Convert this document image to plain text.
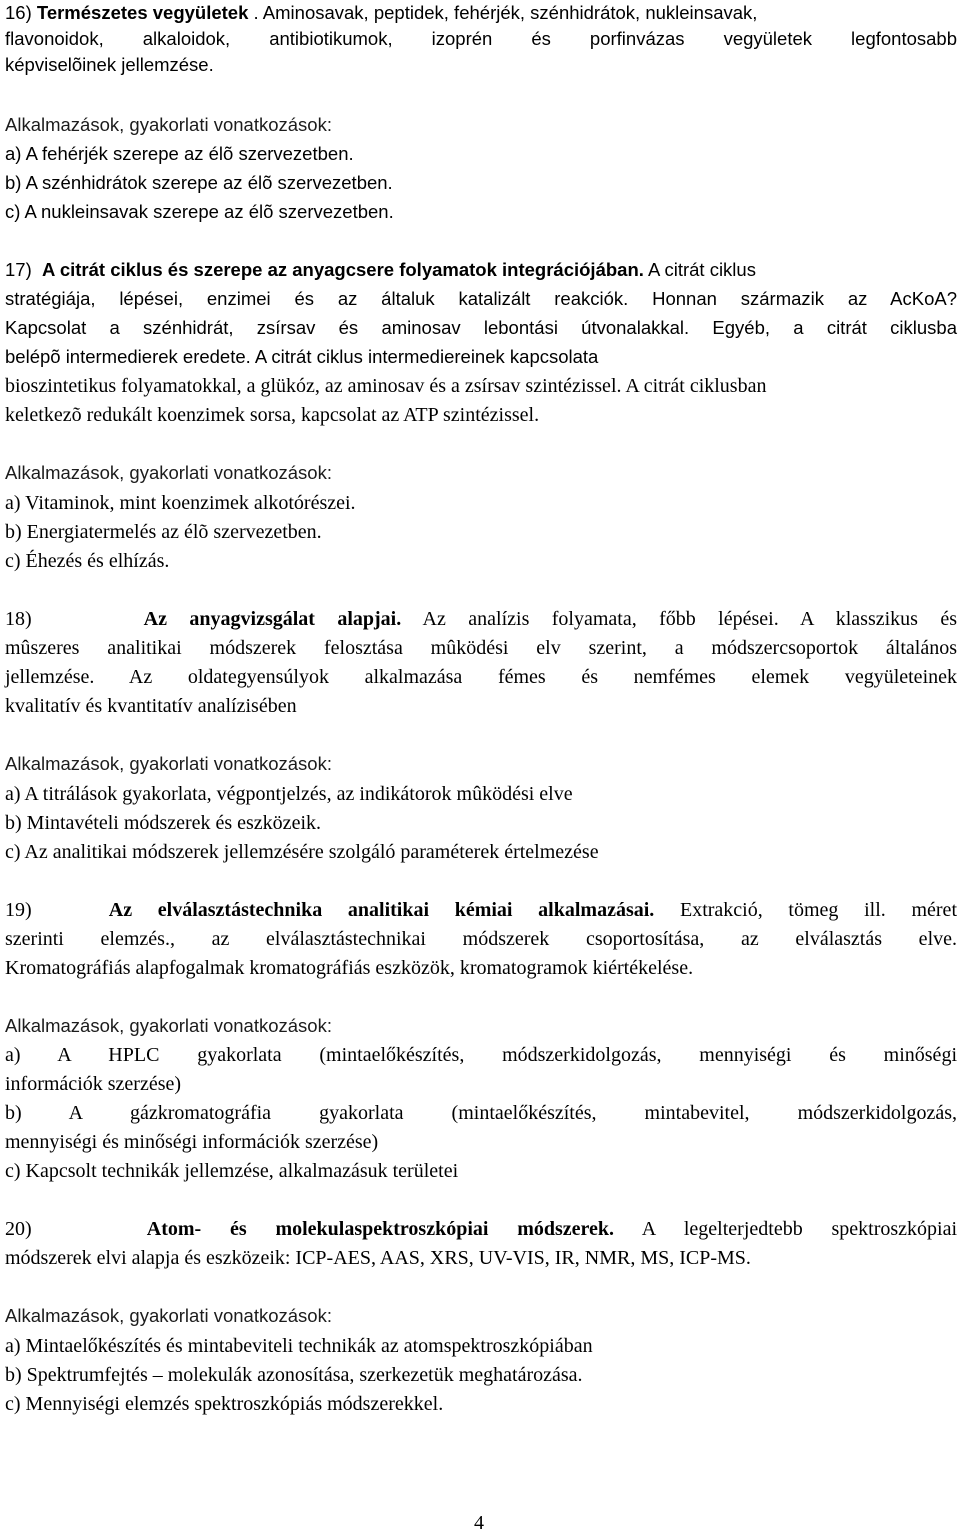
16) Természetes vegyületek . Aminosavak, peptidek, fehérjék, szénhidrátok, nukleinsavak,
flavonoidok, alkaloidok, antibiotikumok, izoprén és porfinvázas vegyületek legfontosabb
képviselõinek jellemzése.
Alkalmazások, gyakorlati vonatkozások:
a) A fehérjék szerepe az élõ szervezetben.
b) A szénhidrátok szerepe az élõ szervezetben.
c) A nukleinsavak szerepe az élõ szervezetben.
17) A citrát ciklus és szerepe az anyagcsere folyamatok integrációjában. A citrát ciklus
stratégiája, lépései, enzimei és az általuk katalizált reakciók. Honnan származik az AcKoA?
Kapcsolat a szénhidrát, zsírsav és aminosav lebontási útvonalakkal. Egyéb, a citrát ciklusba
belépõ intermedierek eredete. A citrát ciklus intermediereinek kapcsolata
bioszintetikus folyamatokkal, a glükóz, az aminosav és a zsírsav szintézissel. A citrát ciklusban
keletkezõ redukált koenzimek sorsa, kapcsolat az ATP szintézissel.
Alkalmazások, gyakorlati vonatkozások:
a) Vitaminok, mint koenzimek alkotórészei.
b) Energiatermelés az élõ szervezetben.
c) Éhezés és elhízás.
18)	Az anyagvizsgálat alapjai. Az analízis folyamata, főbb lépései. A klasszikus és
mûszeres analitikai módszerek felosztása mûködési elv szerint, a módszercsoportok általános
jellemzése. Az oldategyensúlyok alkalmazása fémes és nemfémes elemek vegyületeinek
kvalitatív és kvantitatív analízisében
Alkalmazások, gyakorlati vonatkozások:
a) A titrálások gyakorlata, végpontjelzés, az indikátorok mûködési elve
b) Mintavételi módszerek és eszközeik.
c) Az analitikai módszerek jellemzésére szolgáló paraméterek értelmezése
19)	Az elválasztástechnika analitikai kémiai alkalmazásai. Extrakció, tömeg ill. méret
szerinti elemzés., az elválasztástechnikai módszerek csoportosítása, az elválasztás elve.
Kromatográfiás alapfogalmak kromatográfiás eszközök, kromatogramok kiértékelése.
Alkalmazások, gyakorlati vonatkozások:
a) A HPLC gyakorlata (mintaelőkészítés, módszerkidolgozás, mennyiségi és minőségi
információk szerzése)
b) A gázkromatográfia gyakorlata (mintaelőkészítés, mintabevitel, módszerkidolgozás,
mennyiségi és minőségi információk szerzése)
c) Kapcsolt technikák jellemzése, alkalmazásuk területei
20)	Atom- és molekulaspektroszkópiai módszerek. A legelterjedtebb spektroszkópiai
módszerek elvi alapja és eszközeik: ICP-AES, AAS, XRS, UV-VIS, IR, NMR, MS, ICP-MS.
Alkalmazások, gyakorlati vonatkozások:
a) Mintaelőkészítés és mintabeviteli technikák az atomspektroszkópiában
b) Spektrumfejtés – molekulák azonosítása, szerkezetük meghatározása.
c) Mennyiségi elemzés spektroszkópiás módszerekkel.
4
